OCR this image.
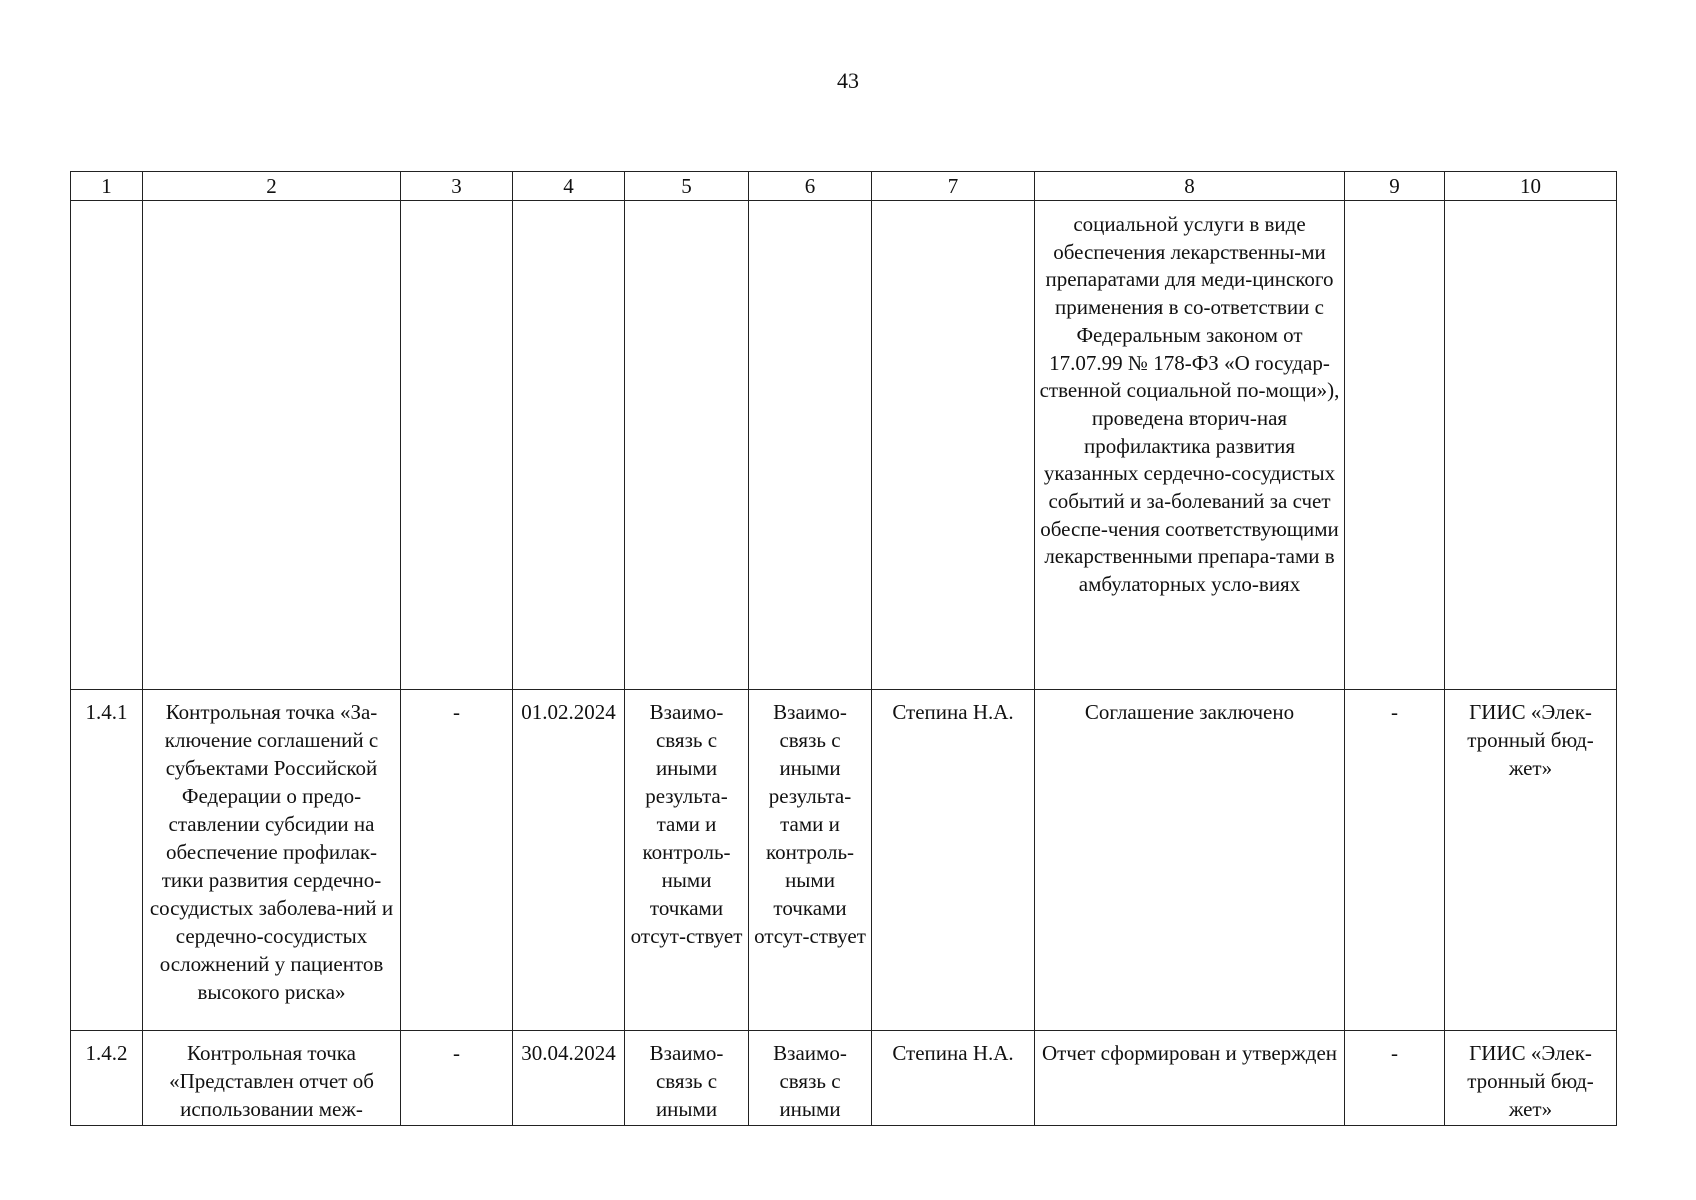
43
1	2	3	4	5	6	7	8	9	10
							социальной услуги в виде обеспечения лекарственны-ми препаратами для меди-цинского применения в со-ответствии с Федеральным законом от 17.07.99 № 178-ФЗ «О государ-ственной социальной по-мощи»), проведена вторич-ная профилактика развития указанных сердечно-сосудистых событий и за-болеваний за счет обеспе-чения соответствующими лекарственными препара-тами в амбулаторных усло-виях		
1.4.1	Контрольная точка «За-ключение соглашений с субъектами Российской Федерации о предо-ставлении субсидии на обеспечение профилак-тики развития сердечно-сосудистых заболева-ний и сердечно-сосудистых осложнений у пациентов высокого риска»	-	01.02.2024	Взаимо-связь с иными результа-тами и контроль-ными точками отсут-ствует	Взаимо-связь с иными результа-тами и контроль-ными точками отсут-ствует	Степина Н.А.	Соглашение заключено	-	ГИИС «Элек-тронный бюд-жет»
1.4.2	Контрольная точка «Представлен отчет об использовании меж-	-	30.04.2024	Взаимо-связь с иными	Взаимо-связь с иными	Степина Н.А.	Отчет сформирован и утвержден	-	ГИИС «Элек-тронный бюд-жет»
